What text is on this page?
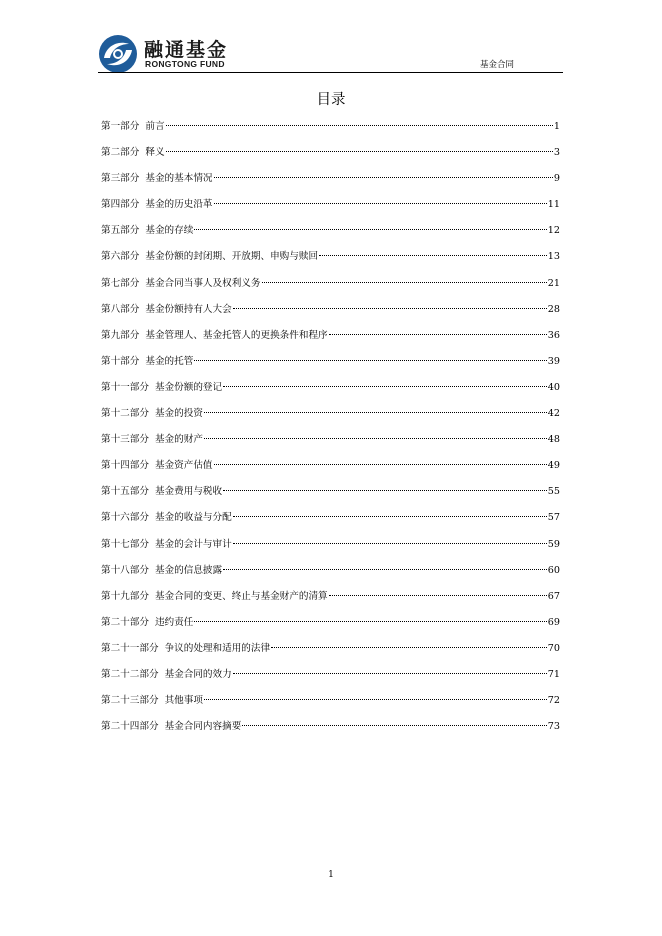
融通基金
RONGTONG FUND	基金合同
目录
第一部分 前言	1
第二部分 释义	3
第三部分 基金的基本情况	9
第四部分 基金的历史沿革	11
第五部分 基金的存续	12
第六部分 基金份额的封闭期、开放期、申购与赎回	13
第七部分 基金合同当事人及权利义务	21
第八部分 基金份额持有人大会	28
第九部分 基金管理人、基金托管人的更换条件和程序	36
第十部分 基金的托管	39
第十一部分 基金份额的登记	40
第十二部分 基金的投资	42
第十三部分 基金的财产	48
第十四部分 基金资产估值	49
第十五部分 基金费用与税收	55
第十六部分 基金的收益与分配	57
第十七部分 基金的会计与审计	59
第十八部分 基金的信息披露	60
第十九部分 基金合同的变更、终止与基金财产的清算	67
第二十部分 违约责任	69
第二十一部分 争议的处理和适用的法律	70
第二十二部分 基金合同的效力	71
第二十三部分 其他事项	72
第二十四部分 基金合同内容摘要	73
1
